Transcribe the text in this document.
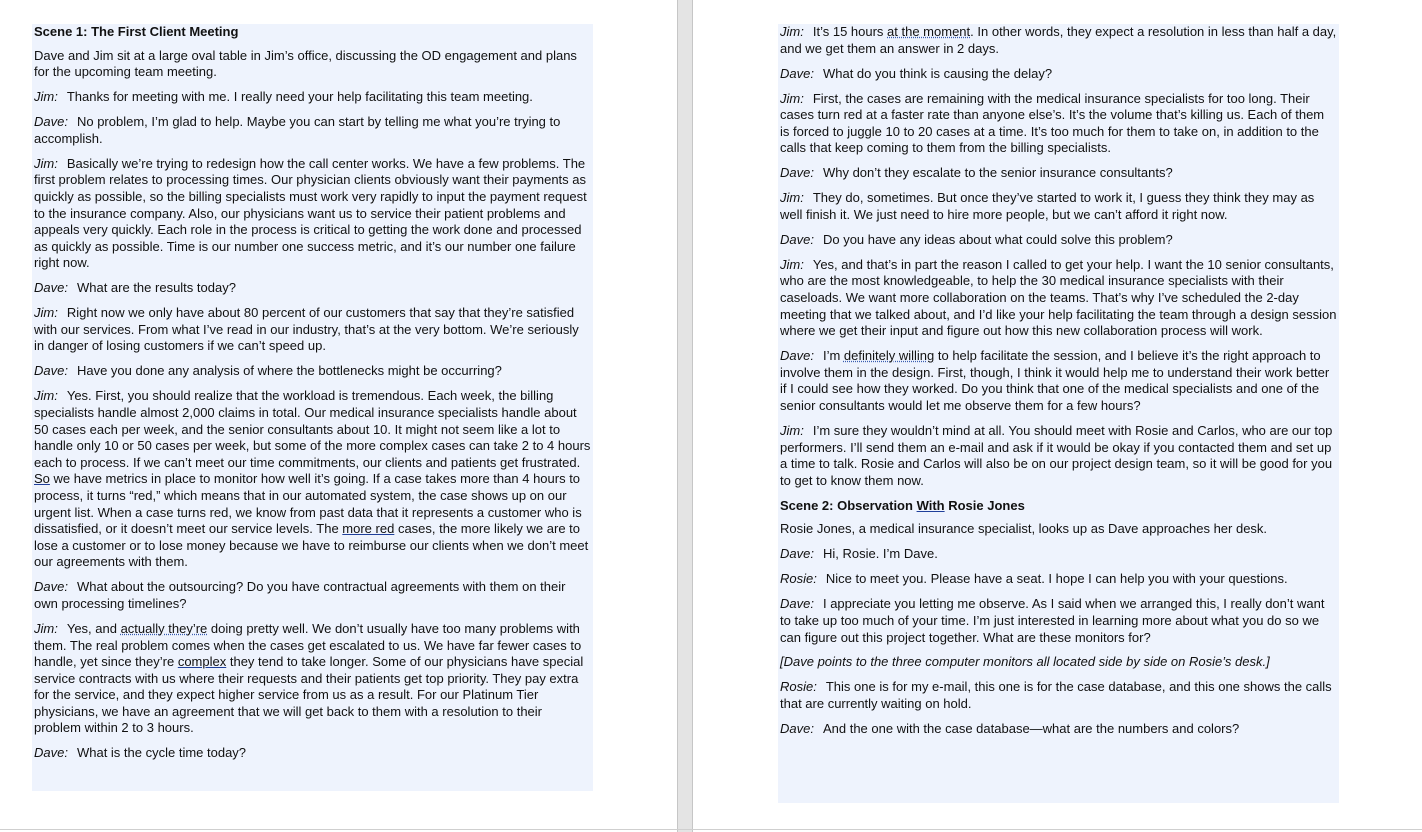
Scene 1: The First Client Meeting

Dave and Jim sit at a large oval table in Jim’s office, discussing the OD engagement and plans for the upcoming team meeting.

Jim: Thanks for meeting with me. I really need your help facilitating this team meeting.

Dave: No problem, I’m glad to help. Maybe you can start by telling me what you’re trying to accomplish.

Jim: Basically we’re trying to redesign how the call center works. We have a few problems. The first problem relates to processing times. Our physician clients obviously want their payments as quickly as possible, so the billing specialists must work very rapidly to input the payment request to the insurance company. Also, our physicians want us to service their patient problems and appeals very quickly. Each role in the process is critical to getting the work done and processed as quickly as possible. Time is our number one success metric, and it’s our number one failure right now.

Dave: What are the results today?

Jim: Right now we only have about 80 percent of our customers that say that they’re satisfied with our services. From what I’ve read in our industry, that’s at the very bottom. We’re seriously in danger of losing customers if we can’t speed up.

Dave: Have you done any analysis of where the bottlenecks might be occurring?

Jim: Yes. First, you should realize that the workload is tremendous. Each week, the billing specialists handle almost 2,000 claims in total. Our medical insurance specialists handle about 50 cases each per week, and the senior consultants about 10. It might not seem like a lot to handle only 10 or 50 cases per week, but some of the more complex cases can take 2 to 4 hours each to process. If we can’t meet our time commitments, our clients and patients get frustrated. So we have metrics in place to monitor how well it’s going. If a case takes more than 4 hours to process, it turns “red,” which means that in our automated system, the case shows up on our urgent list. When a case turns red, we know from past data that it represents a customer who is dissatisfied, or it doesn’t meet our service levels. The more red cases, the more likely we are to lose a customer or to lose money because we have to reimburse our clients when we don’t meet our agreements with them.

Dave: What about the outsourcing? Do you have contractual agreements with them on their own processing timelines?

Jim: Yes, and actually they’re doing pretty well. We don’t usually have too many problems with them. The real problem comes when the cases get escalated to us. We have far fewer cases to handle, yet since they’re complex they tend to take longer. Some of our physicians have special service contracts with us where their requests and their patients get top priority. They pay extra for the service, and they expect higher service from us as a result. For our Platinum Tier physicians, we have an agreement that we will get back to them with a resolution to their problem within 2 to 3 hours.

Dave: What is the cycle time today?

Jim: It’s 15 hours at the moment. In other words, they expect a resolution in less than half a day, and we get them an answer in 2 days.

Dave: What do you think is causing the delay?

Jim: First, the cases are remaining with the medical insurance specialists for too long. Their cases turn red at a faster rate than anyone else’s. It’s the volume that’s killing us. Each of them is forced to juggle 10 to 20 cases at a time. It’s too much for them to take on, in addition to the calls that keep coming to them from the billing specialists.

Dave: Why don’t they escalate to the senior insurance consultants?

Jim: They do, sometimes. But once they’ve started to work it, I guess they think they may as well finish it. We just need to hire more people, but we can’t afford it right now.

Dave: Do you have any ideas about what could solve this problem?

Jim: Yes, and that’s in part the reason I called to get your help. I want the 10 senior consultants, who are the most knowledgeable, to help the 30 medical insurance specialists with their caseloads. We want more collaboration on the teams. That’s why I’ve scheduled the 2-day meeting that we talked about, and I’d like your help facilitating the team through a design session where we get their input and figure out how this new collaboration process will work.

Dave: I’m definitely willing to help facilitate the session, and I believe it’s the right approach to involve them in the design. First, though, I think it would help me to understand their work better if I could see how they worked. Do you think that one of the medical specialists and one of the senior consultants would let me observe them for a few hours?

Jim: I’m sure they wouldn’t mind at all. You should meet with Rosie and Carlos, who are our top performers. I’ll send them an e-mail and ask if it would be okay if you contacted them and set up a time to talk. Rosie and Carlos will also be on our project design team, so it will be good for you to get to know them now.

Scene 2: Observation With Rosie Jones

Rosie Jones, a medical insurance specialist, looks up as Dave approaches her desk.

Dave: Hi, Rosie. I’m Dave.

Rosie: Nice to meet you. Please have a seat. I hope I can help you with your questions.

Dave: I appreciate you letting me observe. As I said when we arranged this, I really don’t want to take up too much of your time. I’m just interested in learning more about what you do so we can figure out this project together. What are these monitors for?

[Dave points to the three computer monitors all located side by side on Rosie’s desk.]

Rosie: This one is for my e-mail, this one is for the case database, and this one shows the calls that are currently waiting on hold.

Dave: And the one with the case database—what are the numbers and colors?
